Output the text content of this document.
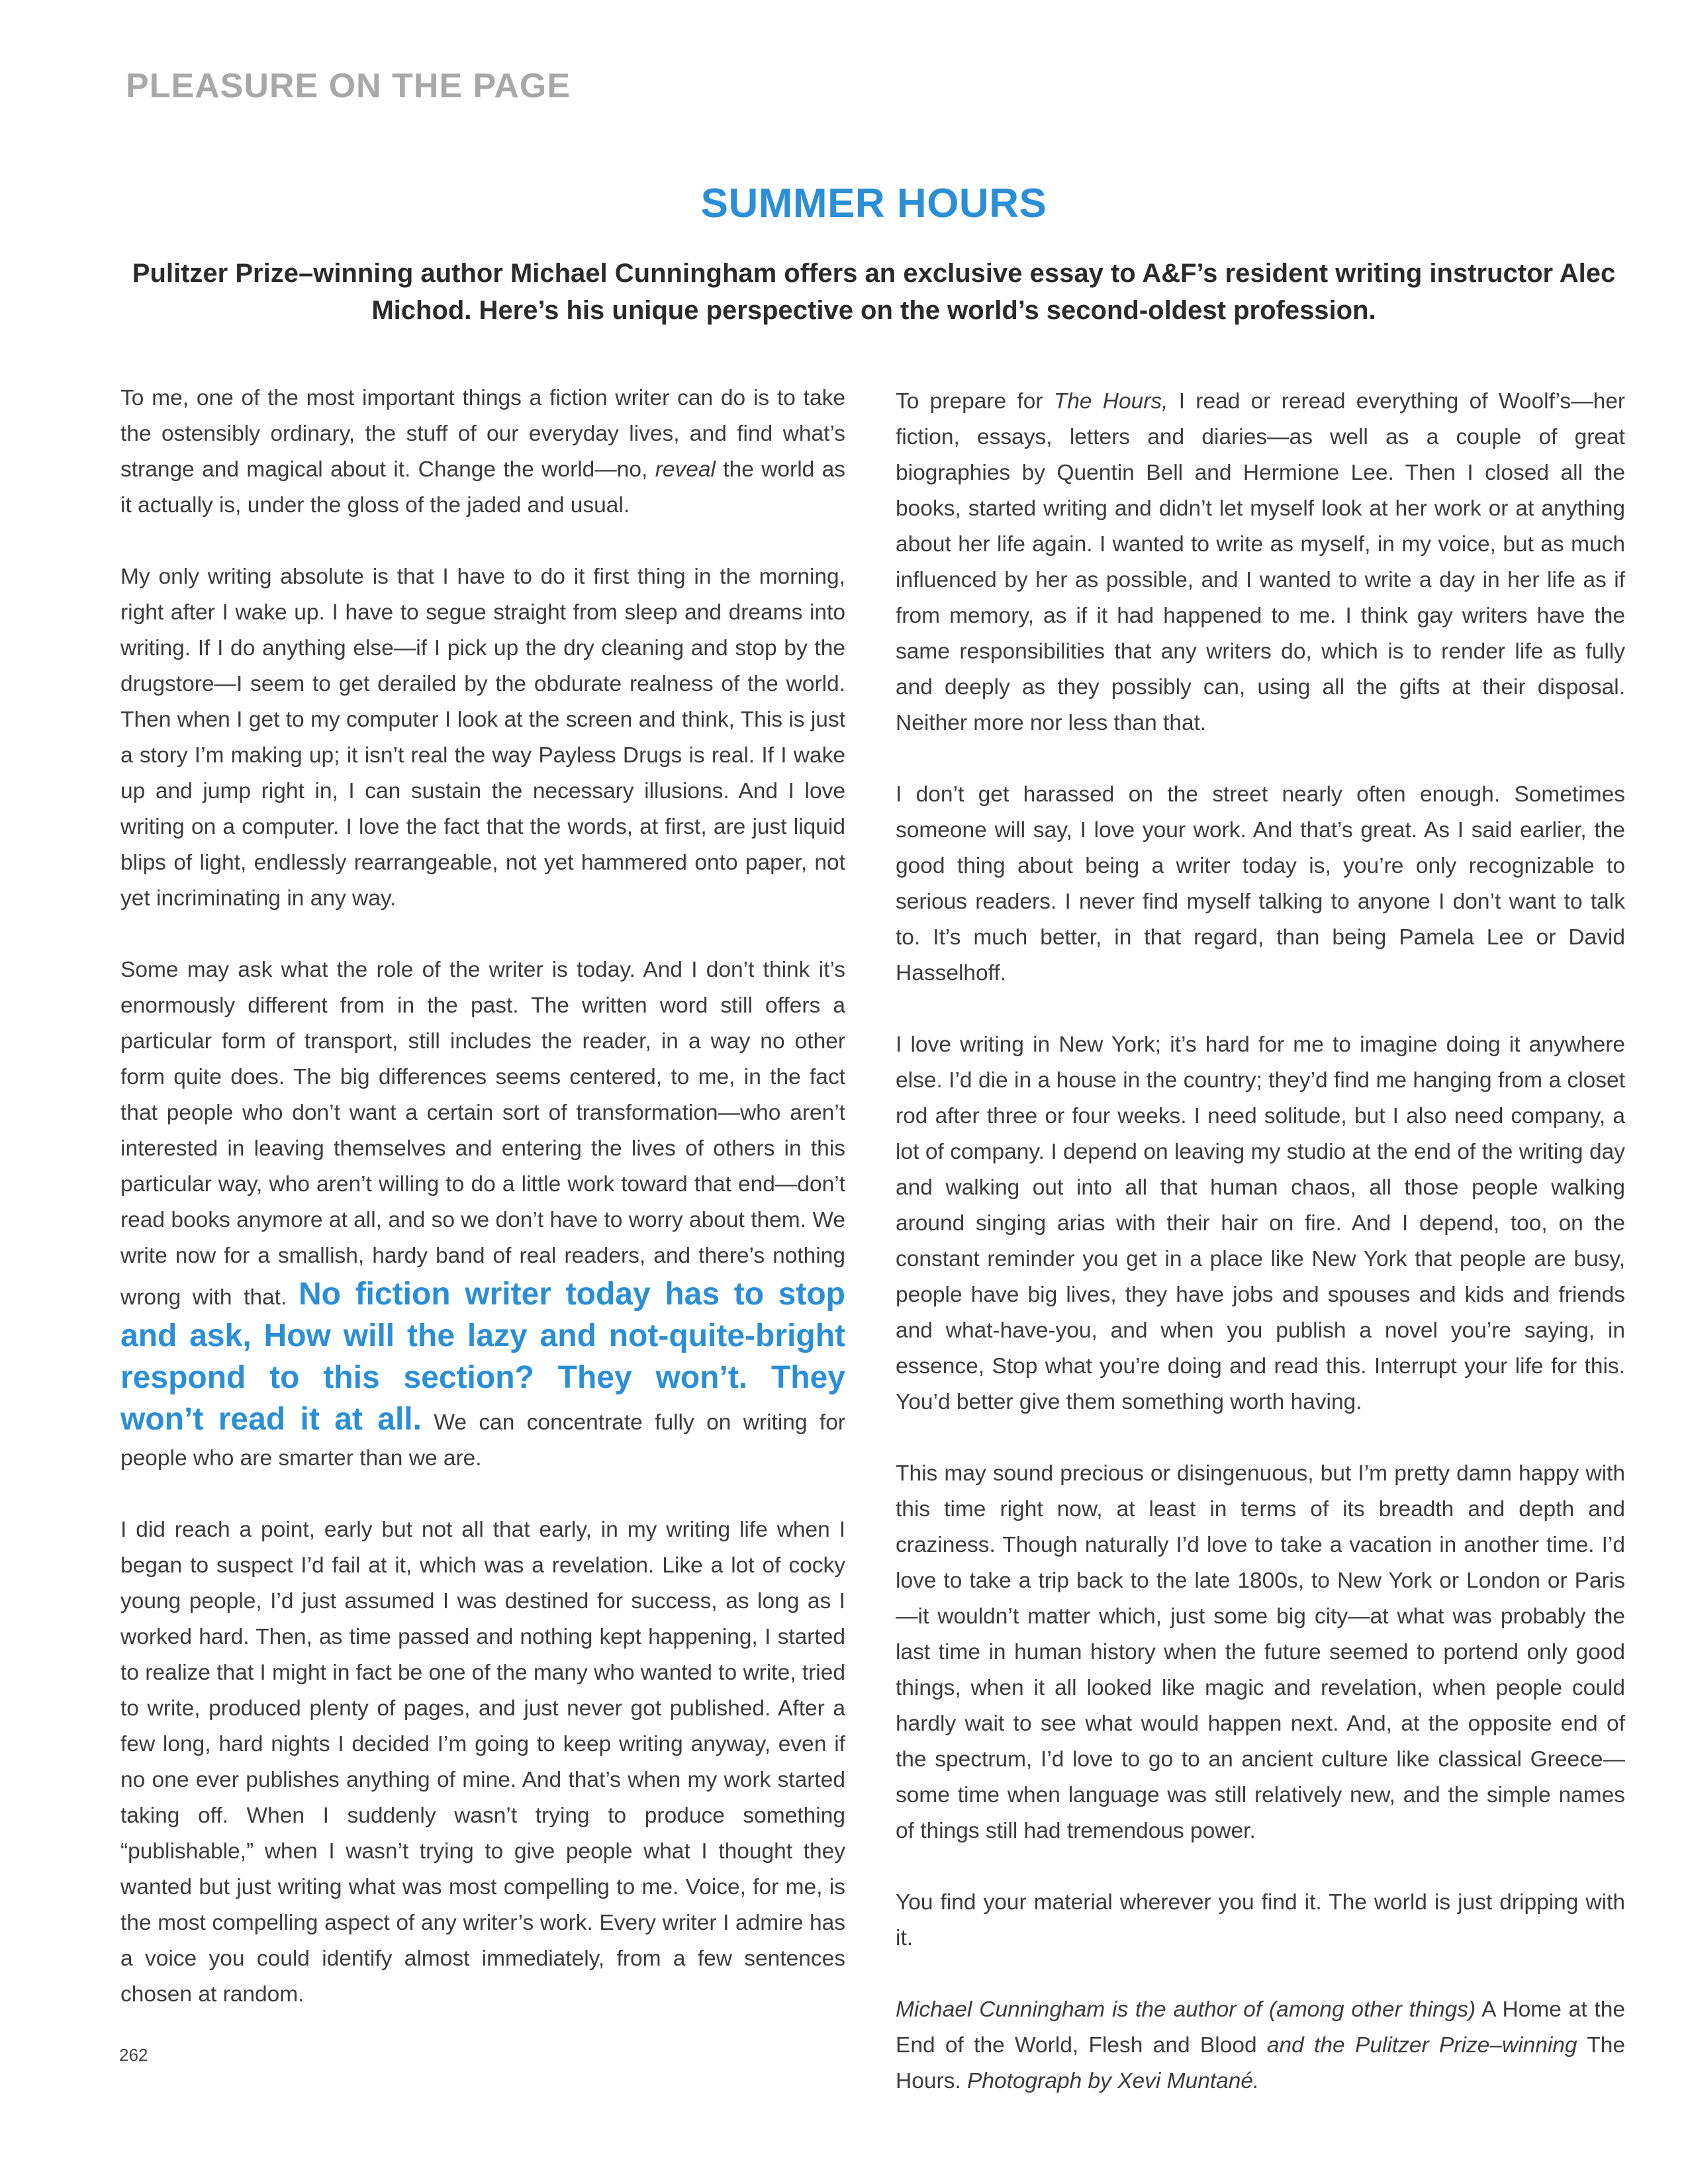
PLEASURE ON THE PAGE
SUMMER HOURS
Pulitzer Prize–winning author Michael Cunningham offers an exclusive essay to A&F’s resident writing instructor Alec Michod. Here’s his unique perspective on the world’s second-oldest profession.

To me, one of the most important things a fiction writer can do is to take the ostensibly ordinary, the stuff of our everyday lives, and find what’s strange and magical about it. Change the world—no, reveal the world as it actually is, under the gloss of the jaded and usual.

My only writing absolute is that I have to do it first thing in the morning, right after I wake up. I have to segue straight from sleep and dreams into writing. If I do anything else—if I pick up the dry cleaning and stop by the drugstore—I seem to get derailed by the obdurate realness of the world. Then when I get to my computer I look at the screen and think, This is just a story I’m making up; it isn’t real the way Payless Drugs is real. If I wake up and jump right in, I can sustain the necessary illusions. And I love writing on a computer. I love the fact that the words, at first, are just liquid blips of light, endlessly rearrangeable, not yet hammered onto paper, not yet incriminating in any way.

Some may ask what the role of the writer is today. And I don’t think it’s enormously different from in the past. The written word still offers a particular form of transport, still includes the reader, in a way no other form quite does. The big differences seems centered, to me, in the fact that people who don’t want a certain sort of transformation—who aren’t interested in leaving themselves and entering the lives of others in this particular way, who aren’t willing to do a little work toward that end—don’t read books anymore at all, and so we don’t have to worry about them. We write now for a smallish, hardy band of real readers, and there’s nothing wrong with that. No fiction writer today has to stop and ask, How will the lazy and not-quite-bright respond to this section? They won’t. They won’t read it at all. We can concentrate fully on writing for people who are smarter than we are.

I did reach a point, early but not all that early, in my writing life when I began to suspect I’d fail at it, which was a revelation. Like a lot of cocky young people, I’d just assumed I was destined for success, as long as I worked hard. Then, as time passed and nothing kept happening, I started to realize that I might in fact be one of the many who wanted to write, tried to write, produced plenty of pages, and just never got published. After a few long, hard nights I decided I’m going to keep writing anyway, even if no one ever publishes anything of mine. And that’s when my work started taking off. When I suddenly wasn’t trying to produce something “publishable,” when I wasn’t trying to give people what I thought they wanted but just writing what was most compelling to me. Voice, for me, is the most compelling aspect of any writer’s work. Every writer I admire has a voice you could identify almost immediately, from a few sentences chosen at random.

To prepare for The Hours, I read or reread everything of Woolf’s—her fiction, essays, letters and diaries—as well as a couple of great biographies by Quentin Bell and Hermione Lee. Then I closed all the books, started writing and didn’t let myself look at her work or at anything about her life again. I wanted to write as myself, in my voice, but as much influenced by her as possible, and I wanted to write a day in her life as if from memory, as if it had happened to me. I think gay writers have the same responsibilities that any writers do, which is to render life as fully and deeply as they possibly can, using all the gifts at their disposal. Neither more nor less than that.

I don’t get harassed on the street nearly often enough. Sometimes someone will say, I love your work. And that’s great. As I said earlier, the good thing about being a writer today is, you’re only recognizable to serious readers. I never find myself talking to anyone I don’t want to talk to. It’s much better, in that regard, than being Pamela Lee or David Hasselhoff.

I love writing in New York; it’s hard for me to imagine doing it anywhere else. I’d die in a house in the country; they’d find me hanging from a closet rod after three or four weeks. I need solitude, but I also need company, a lot of company. I depend on leaving my studio at the end of the writing day and walking out into all that human chaos, all those people walking around singing arias with their hair on fire. And I depend, too, on the constant reminder you get in a place like New York that people are busy, people have big lives, they have jobs and spouses and kids and friends and what-have-you, and when you publish a novel you’re saying, in essence, Stop what you’re doing and read this. Interrupt your life for this. You’d better give them something worth having.

This may sound precious or disingenuous, but I’m pretty damn happy with this time right now, at least in terms of its breadth and depth and craziness. Though naturally I’d love to take a vacation in another time. I’d love to take a trip back to the late 1800s, to New York or London or Paris—it wouldn’t matter which, just some big city—at what was probably the last time in human history when the future seemed to portend only good things, when it all looked like magic and revelation, when people could hardly wait to see what would happen next. And, at the opposite end of the spectrum, I’d love to go to an ancient culture like classical Greece—some time when language was still relatively new, and the simple names of things still had tremendous power.

You find your material wherever you find it. The world is just dripping with it.

Michael Cunningham is the author of (among other things) A Home at the End of the World, Flesh and Blood and the Pulitzer Prize–winning The Hours. Photograph by Xevi Muntané.

262
